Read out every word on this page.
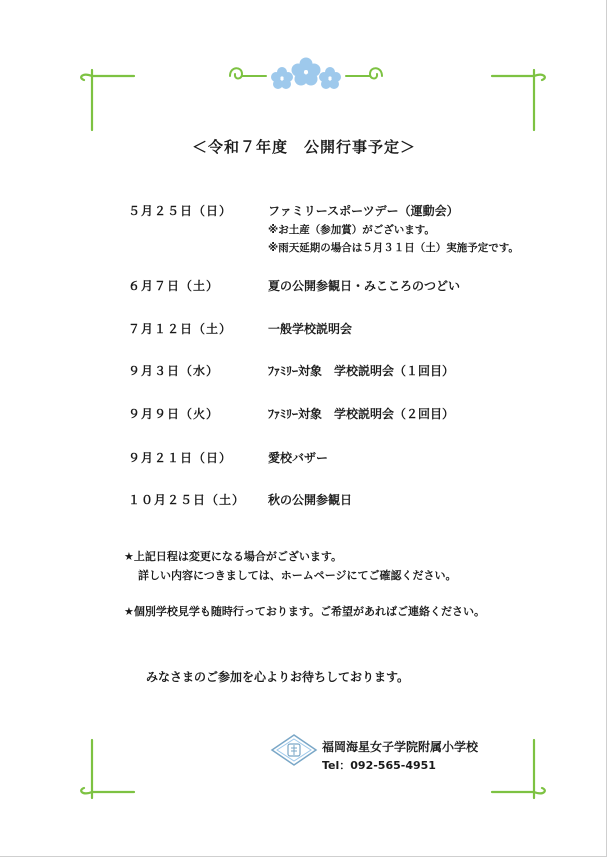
＜令和７年度　公開行事予定＞
５月２５日（日）	ファミリースポーツデー（運動会）
※お土産（参加賞）がございます。
※雨天延期の場合は５月３１日（土）実施予定です。
６月７日（土）	夏の公開参観日・みこころのつどい
７月１２日（土）	一般学校説明会
９月３日（水）	ﾌｧﾐﾘｰ対象　学校説明会（１回目）
９月９日（火）	ﾌｧﾐﾘｰ対象　学校説明会（２回目）
９月２１日（日）	愛校バザー
１０月２５日（土） 秋の公開参観日
★上記日程は変更になる場合がございます。
詳しい内容につきましては、ホームページにてご確認ください。
★個別学校見学も随時行っております。ご希望があればご連絡ください。
みなさまのご参加を心よりお待ちしております。
福岡海星女子学院附属小学校
Tel：092-565-4951
